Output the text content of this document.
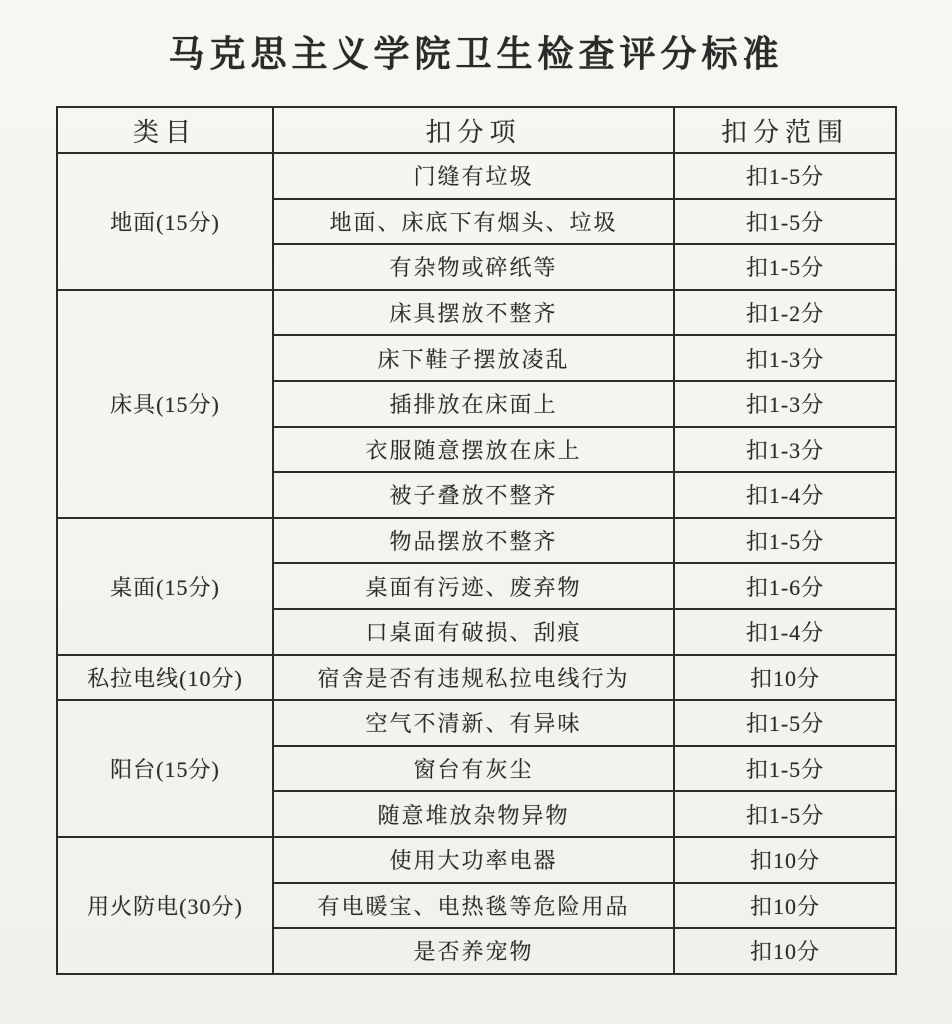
马克思主义学院卫生检查评分标准
类目	扣分项	扣分范围
地面(15分)	门缝有垃圾	扣1-5分
	地面、床底下有烟头、垃圾	扣1-5分
	有杂物或碎纸等	扣1-5分
床具(15分)	床具摆放不整齐	扣1-2分
	床下鞋子摆放凌乱	扣1-3分
	插排放在床面上	扣1-3分
	衣服随意摆放在床上	扣1-3分
	被子叠放不整齐	扣1-4分
桌面(15分)	物品摆放不整齐	扣1-5分
	桌面有污迹、废弃物	扣1-6分
	口桌面有破损、刮痕	扣1-4分
私拉电线(10分)	宿舍是否有违规私拉电线行为	扣10分
阳台(15分)	空气不清新、有异味	扣1-5分
	窗台有灰尘	扣1-5分
	随意堆放杂物异物	扣1-5分
用火防电(30分)	使用大功率电器	扣10分
	有电暖宝、电热毯等危险用品	扣10分
	是否养宠物	扣10分
